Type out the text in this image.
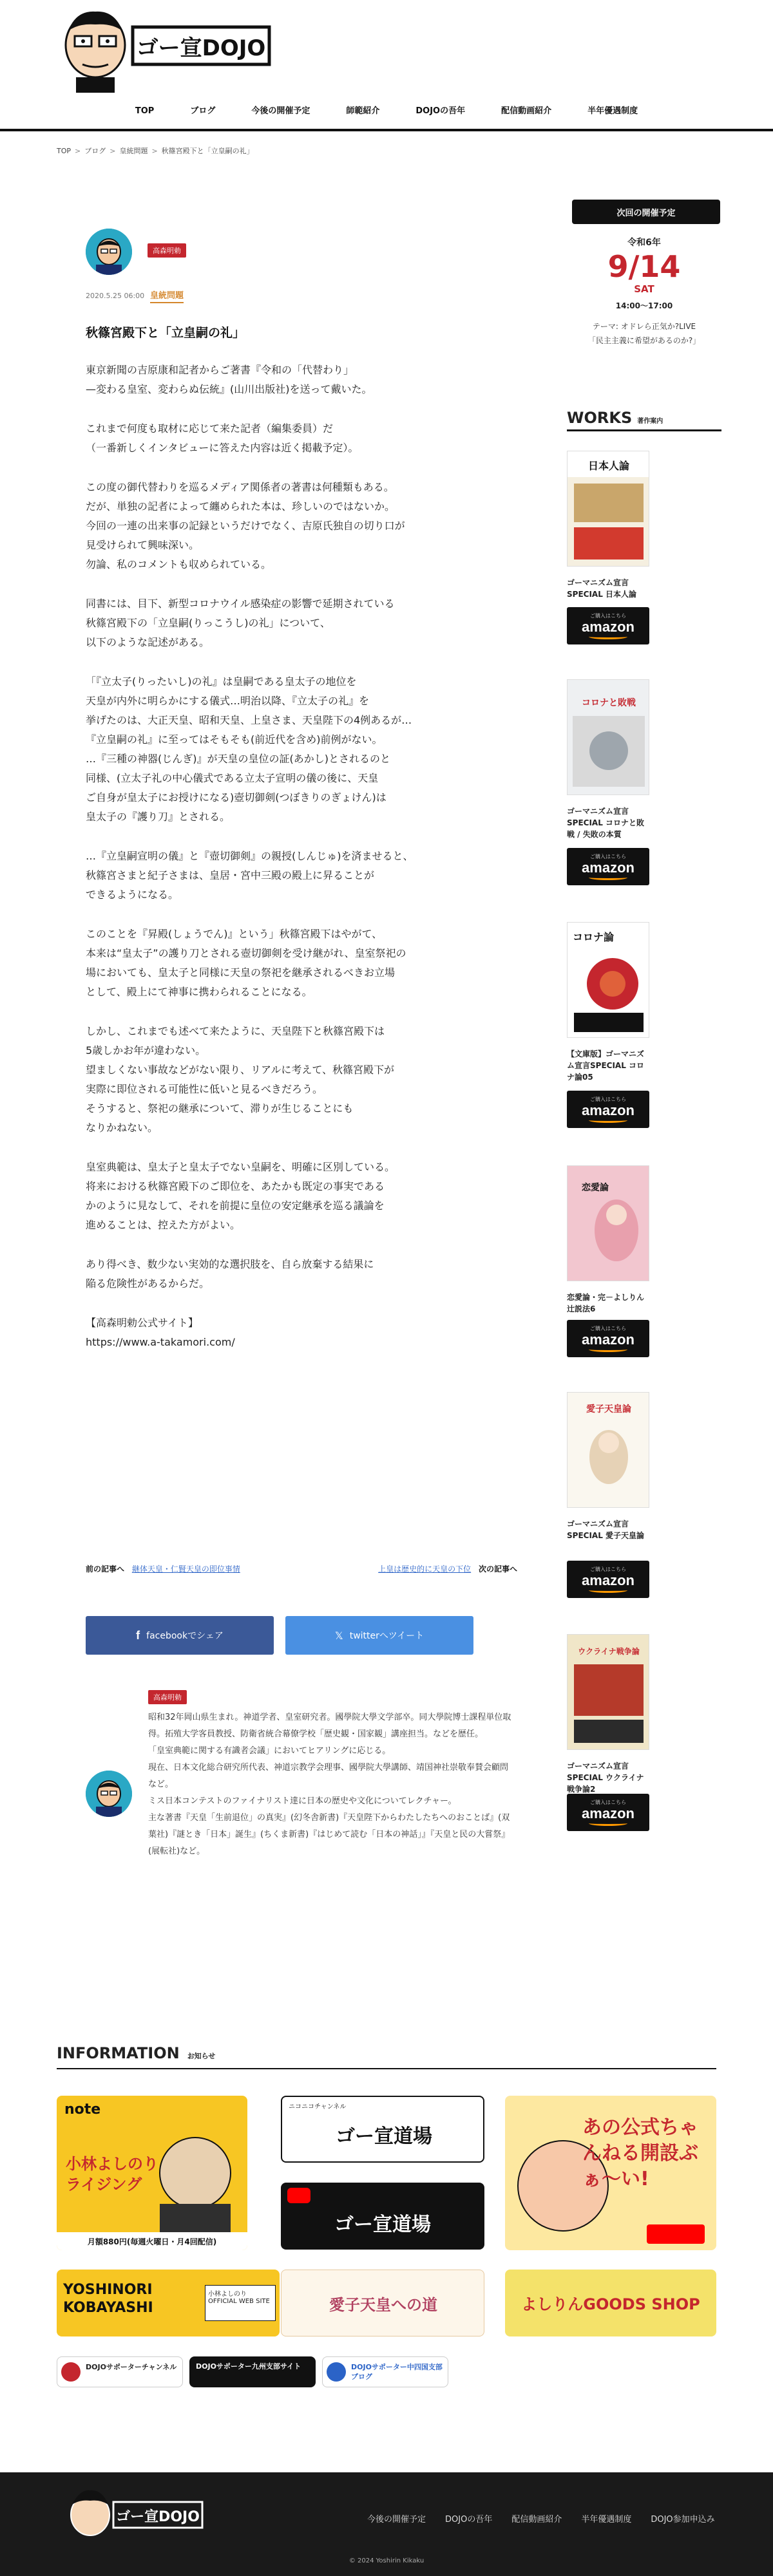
ゴー宣DOJO
TOP	ブログ	今後の開催予定	師範紹介	DOJOの吾年	配信動画紹介	半年優遇制度
TOP > ブログ > 皇統問題 > 秋篠宮殿下と「立皇嗣の礼」
高森明勅
2020.5.25 06:00 皇統問題
秋篠宮殿下と「立皇嗣の礼」

東京新聞の吉原康和記者からご著書『令和の「代替わり」
—変わる皇室、変わらぬ伝統』(山川出版社)を送って戴いた。

これまで何度も取材に応じて来た記者（編集委員）だ
（一番新しくインタビューに答えた内容は近く掲載予定）。

この度の御代替わりを巡るメディア関係者の著書は何種類もある。
だが、単独の記者によって纏められた本は、珍しいのではないか。
今回の一連の出来事の記録というだけでなく、吉原氏独自の切り口が
見受けられて興味深い。
勿論、私のコメントも収められている。

同書には、目下、新型コロナウイル感染症の影響で延期されている
秋篠宮殿下の「立皇嗣(りっこうし)の礼」について、
以下のような記述がある。

「『立太子(りったいし)の礼』は皇嗣である皇太子の地位を
天皇が内外に明らかにする儀式…明治以降、『立太子の礼』を
挙げたのは、大正天皇、昭和天皇、上皇さま、天皇陛下の4例あるが…
『立皇嗣の礼』に至ってはそもそも(前近代を含め)前例がない。
…『三種の神器(じんぎ)』が天皇の皇位の証(あかし)とされるのと
同様、(立太子礼の中心儀式である立太子宣明の儀の後に、天皇
ご自身が皇太子にお授けになる)壺切御剣(つぼきりのぎょけん)は
皇太子の『護り刀』とされる。

…『立皇嗣宣明の儀』と『壺切御剣』の親授(しんじゅ)を済ませると、
秋篠宮さまと紀子さまは、皇居・宮中三殿の殿上に昇ることが
できるようになる。

このことを『昇殿(しょうでん)』という」秋篠宮殿下はやがて、
本来は“皇太子”の護り刀とされる壺切御剣を受け継がれ、皇室祭祀の
場においても、皇太子と同様に天皇の祭祀を継承されるべきお立場
として、殿上にて神事に携わられることになる。

しかし、これまでも述べて来たように、天皇陛下と秋篠宮殿下は
5歳しかお年が違わない。
望ましくない事故などがない限り、リアルに考えて、秋篠宮殿下が
実際に即位される可能性に低いと見るべきだろう。
そうすると、祭祀の継承について、滞りが生じることにも
なりかねない。

皇室典範は、皇太子と皇太子でない皇嗣を、明確に区別している。
将来における秋篠宮殿下のご即位を、あたかも既定の事実である
かのように見なして、それを前提に皇位の安定継承を巡る議論を
進めることは、控えた方がよい。

あり得べき、数少ない実効的な選択肢を、自ら放棄する結果に
陥る危険性があるからだ。

【高森明勅公式サイト】
https://www.a-takamori.com/

前の記事へ 継体天皇・仁賢天皇の即位事情	上皇は歴史的に天皇の下位 次の記事へ
f facebookでシェア	𝕏 twitterへツイート
高森明勅

昭和32年岡山県生まれ。神道学者、皇室研究者。國學院大學文学部卒。同大學院博士課程単位取得。拓殖大学客員教授、防衛省統合幕僚学校「歴史観・国家観」講座担当。などを歴任。

「皇室典範に関する有識者会議」においてヒアリングに応じる。

現在、日本文化総合研究所代表、神道宗教学会理事、國學院大學講師、靖国神社崇敬奉賛会顧問など。

ミス日本コンテストのファイナリスト達に日本の歴史や文化についてレクチャー。

主な著書『天皇「生前退位」の真実』(幻冬舎新書)『天皇陛下からわたしたちへのおことば』(双葉社)『謎とき「日本」誕生』(ちくま新書)『はじめて読む「日本の神話」』『天皇と民の大嘗祭』(展転社)など。

次回の開催予定
令和6年
9/14
SAT
14:00〜17:00
テーマ: オドレら正気か?LIVE
「民主主義に希望があるのか?」
WORKS 著作案内
日本人論
ゴーマニズム宣言SPECIAL 日本人論
ご購入はこちら
amazon
コロナと敗戦
ゴーマニズム宣言SPECIAL コロナと敗戦 / 失敗の本質
ご購入はこちら
amazon
コロナ論
【文庫版】ゴーマニズム宣言SPECIAL コロナ論05
ご購入はこちら
amazon
恋愛論
恋愛論・完－よしりん辻説法6
ご購入はこちら
amazon
愛子天皇論
ゴーマニズム宣言SPECIAL 愛子天皇論
ご購入はこちら
amazon
ウクライナ戦争論
ゴーマニズム宣言SPECIAL ウクライナ戦争論2
ご購入はこちら
amazon
INFORMATION お知らせ
note
小林よしのりライジング
月額880円(毎週火曜日・月4回配信)
ニコニコチャンネル
ゴー宣道場
ゴー宣道場
あの公式ちゃんねる開設ぶぁ〜い!
YOSHINORI KOBAYASHI
小林よしのりOFFICIAL WEB SITE	愛子天皇への道	よしりんGOODS SHOP
DOJOサポーターチャンネル	DOJOサポーター九州支部サイト	DOJOサポーター中四国支部ブログ
ゴー宣DOJO	今後の開催予定 DOJOの吾年 配信動画紹介 半年優遇制度 DOJO参加申込み
© 2024 Yoshirin Kikaku
